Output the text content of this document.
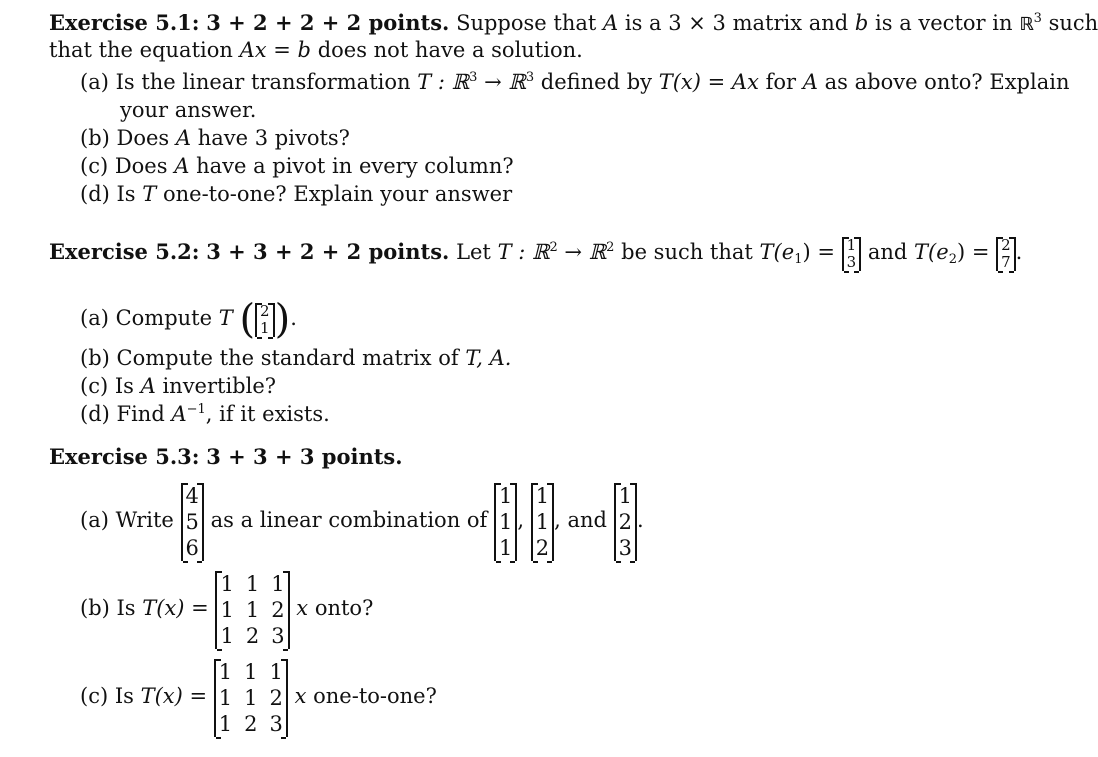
Exercise 5.1: 3 + 2 + 2 + 2 points. Suppose that A is a 3 × 3 matrix and b is a vector in ℝ$^3$ such
that the equation Ax = b does not have a solution.
(a) Is the linear transformation T : ℝ$^3$ → ℝ$^3$ defined by T(x) = Ax for A as above onto? Explain
your answer.
(b) Does A have 3 pivots?
(c) Does A have a pivot in every column?
(d) Is T one-to-one? Explain your answer
Exercise 5.2: 3 + 3 + 2 + 2 points. Let T : ℝ$^2$ → ℝ$^2$ be such that $T(e_1) = 1$
3 and $T(e_2) = 2$
7 .
(a) Compute T ( 2
1 ).
(b) Compute the standard matrix of T, A.
(c) Is A invertible?
(d) Find $A^{-1}$, if it exists.
Exercise 5.3: 3 + 3 + 3 points.
(a) Write
4
5
6
as a linear combination of
1
1
1
,
1
1
2
, and
1
2
3
.
(b) Is T(x) =
1 1 1
1 1 2
1 2 3
x onto?
(c) Is T(x) =
1 1 1
1 1 2
1 2 3
x one-to-one?
